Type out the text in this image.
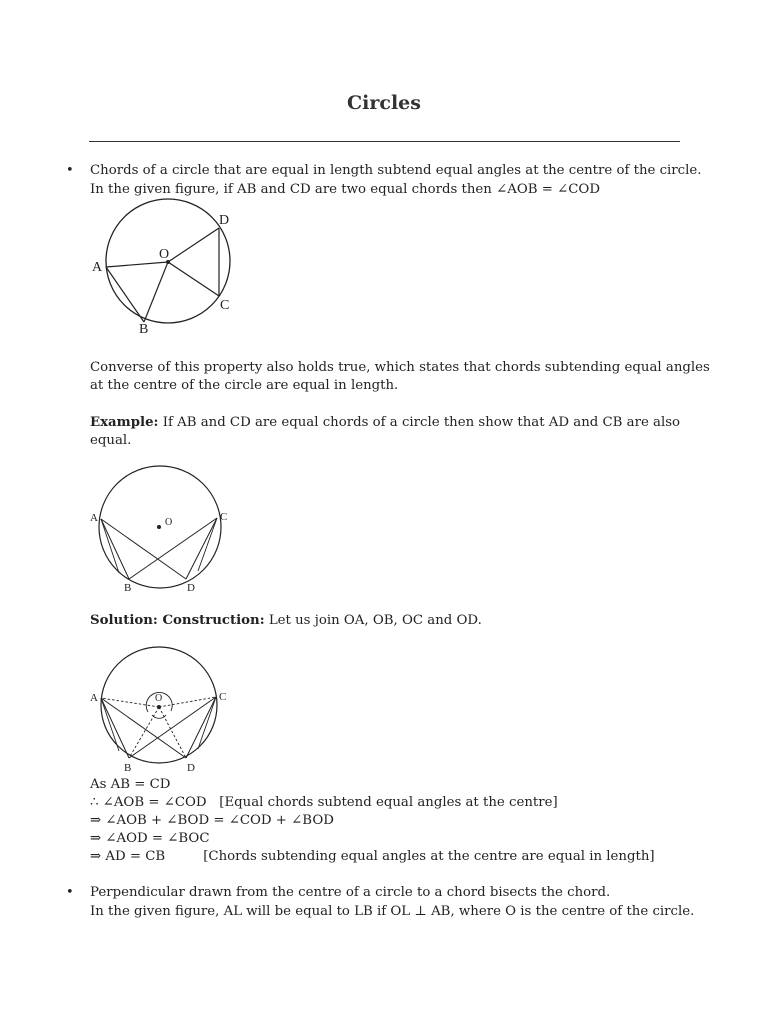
Circles
• Chords of a circle that are equal in length subtend equal angles at the centre of the circle.
In the given figure, if AB and CD are two equal chords then ∠AOB = ∠COD
A
B
C
D
O
Converse of this property also holds true, which states that chords subtending equal angles
at the centre of the circle are equal in length.
Example: If AB and CD are equal chords of a circle then show that AD and CB are also
equal.
A
B
C
D
O
Solution: Construction: Let us join OA, OB, OC and OD.
A
B
C
D
O
As AB = CD
∴ ∠AOB = ∠COD   [Equal chords subtend equal angles at the centre]
⇒ ∠AOB + ∠BOD = ∠COD + ∠BOD
⇒ ∠AOD = ∠BOC
⇒ AD = CB         [Chords subtending equal angles at the centre are equal in length]
• Perpendicular drawn from the centre of a circle to a chord bisects the chord.
In the given figure, AL will be equal to LB if OL ⊥ AB, where O is the centre of the circle.
